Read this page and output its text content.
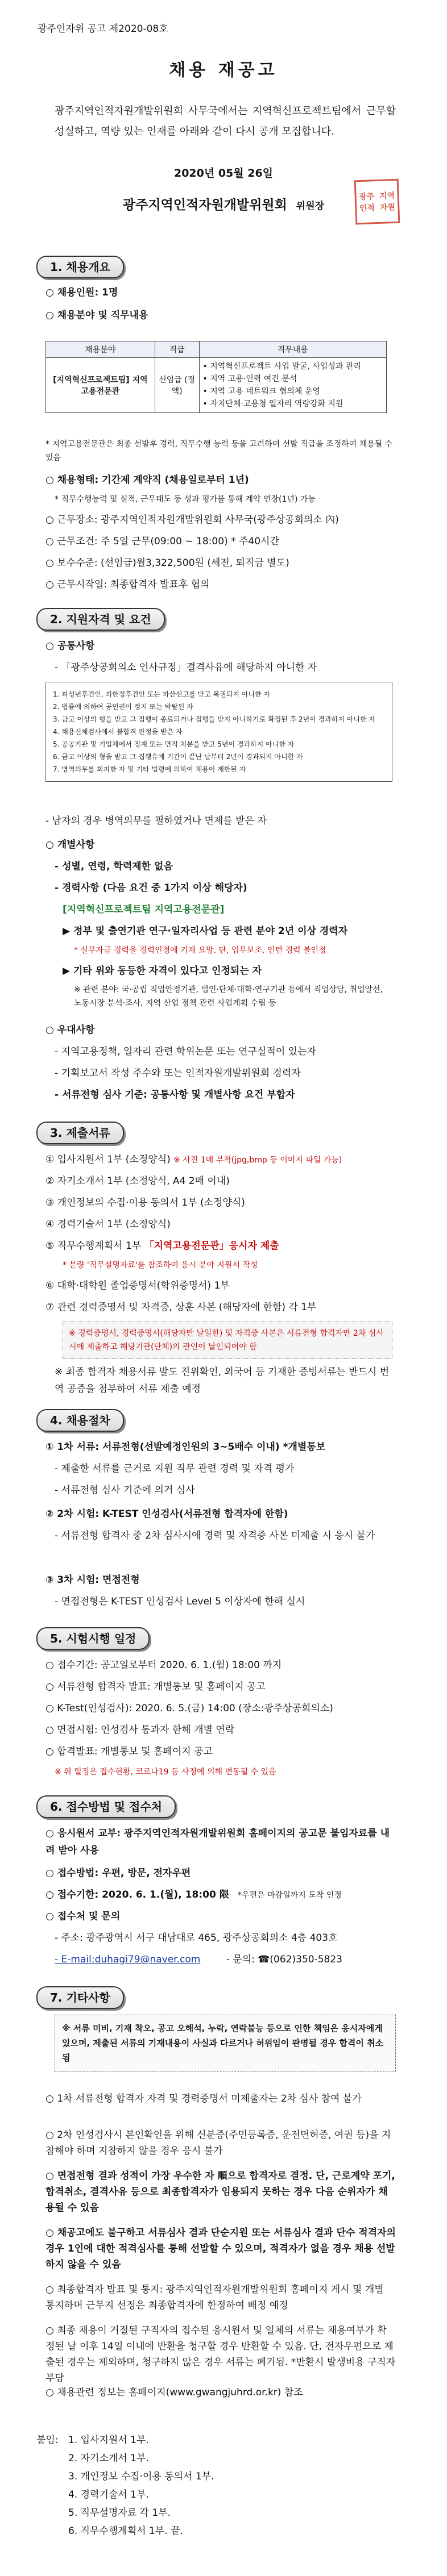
광주인자위 공고 제2020-08호
채용 재공고
광주지역인적자원개발위원회 사무국에서는 지역혁신프로젝트팀에서 근무할 성실하고, 역량 있는 인재를 아래와 같이 다시 공개 모집합니다.
2020년 05월 26일
광주지역인적자원개발위원회 위원장
광주 지역
인적 자원
1. 채용개요
○ 채용인원: 1명
○ 채용분야 및 직무내용
채용분야	직급	직무내용
[지역혁신프로젝트팀] 지역고용전문관	선임급 (정액)	• 지역혁신프로젝트 사업 발굴, 사업성과 관리
• 지역 고용·인력 여건 분석
• 지역 고용 네트워크 협의체 운영
• 자치단체·고용청 일자리 역량강화 지원
* 지역고용전문관은 최종 선발후 경력, 직무수행 능력 등을 고려하여 선발 직급을 조정하여 채용될 수 있음
○ 채용형태: 기간제 계약직 (채용일로부터 1년)
* 직무수행능력 및 실적, 근무태도 등 성과 평가를 통해 계약 연장(1년) 가능
○ 근무장소: 광주지역인적자원개발위원회 사무국(광주상공회의소 內)
○ 근무조건: 주 5일 근무(09:00 ~ 18:00) * 주40시간
○ 보수수준: (선임급)월3,322,500원 (세전, 퇴직금 별도)
○ 근무시작일: 최종합격자 발표후 협의
2. 지원자격 및 요건
○ 공통사항
- 「광주상공회의소 인사규정」결격사유에 해당하지 아니한 자
1. 피성년후견인, 피한정후견인 또는 파산선고를 받고 복권되지 아니한 자
2. 법률에 의하여 공민권이 정지 또는 박탈된 자
3. 금고 이상의 형을 받고 그 집행이 종료되거나 집행을 받지 아니하기로 확정된 후 2년이 경과하지 아니한 자
4. 채용신체검사에서 불합격 판정을 받은 자
5. 공공기관 및 기업체에서 징계 또는 면직 처분을 받고 5년이 경과하지 아니한 자
6. 금고 이상의 형을 받고 그 집행유예 기간이 끝난 날부터 2년이 경과되지 아니한 자
7. 병역의무를 회피한 자 및 기타 법령에 의하여 채용이 제한된 자
- 남자의 경우 병역의무를 필하였거나 면제를 받은 자
○ 개별사항
- 성별, 연령, 학력제한 없음
- 경력사항 (다음 요건 중 1가지 이상 해당자)
[지역혁신프로젝트팀 지역고용전문관]
▶ 정부 및 출연기관 연구·일자리사업 등 관련 분야 2년 이상 경력자
* 실무자급 경력을 경력인정에 기재 요망. 단, 업무보조, 인턴 경력 불인정
▶ 기타 위와 동등한 자격이 있다고 인정되는 자
※ 관련 분야: 국·공립 직업안정기관, 법인·단체·대학·연구기관 등에서 직업상담, 취업알선, 노동시장 분석·조사, 지역 산업 정책 관련 사업계획 수립 등
○ 우대사항
- 지역고용정책, 일자리 관련 학위논문 또는 연구실적이 있는자
- 기획보고서 작성 주수와 또는 인적자원개발위원회 경력자
- 서류전형 심사 기준: 공통사항 및 개별사항 요건 부합자
3. 제출서류
① 입사지원서 1부 (소정양식) ※ 사진 1매 부착(jpg,bmp 등 이미지 파일 가능)
② 자기소개서 1부 (소정양식, A4 2매 이내)
③ 개인정보의 수집·이용 동의서 1부 (소정양식)
④ 경력기술서 1부 (소정양식)
⑤ 직무수행계획서 1부 「지역고용전문관」응시자 제출
* 분량 '직무설명자료'를 참조하여 응시 분야 지원서 작성
⑥ 대학·대학원 졸업증명서(학위증명서) 1부
⑦ 관련 경력증명서 및 자격증, 상훈 사본 (해당자에 한함) 각 1부
※ 경력증명서, 경력증명서(해당자만 날일한) 및 자격증 사본은 서류전형 합격자만 2차 심사시에 제출하고 해당기관(단체)의 관인이 날인되어야 함
※ 최종 합격자 채용서류 발도 진위확인, 외국어 등 기재한 증빙서류는 반드시 번역 공증을 첨부하여 서류 제출 예정
4. 채용절차
① 1차 서류: 서류전형(선발예정인원의 3~5배수 이내) *개별통보
- 제출한 서류를 근거로 지원 직무 관련 경력 및 자격 평가
- 서류전형 심사 기준에 의거 심사
② 2차 시험: K-TEST 인성검사(서류전형 합격자에 한함)
- 서류전형 합격자 중 2차 심사시에 경력 및 자격증 사본 미제출 시 응시 불가
③ 3차 시험: 면접전형
- 면접전형은 K-TEST 인성검사 Level 5 이상자에 한해 실시
5. 시험시행 일정
○ 접수기간: 공고일로부터 2020. 6. 1.(월) 18:00 까지
○ 서류전형 합격자 발표: 개별통보 및 홈페이지 공고
○ K-Test(인성검사): 2020. 6. 5.(금) 14:00 (장소:광주상공회의소)
○ 면접시험: 인성검사 통과자 한해 개별 연락
○ 합격발표: 개별통보 및 홈페이지 공고
※ 위 일정은 접수현황, 코로나19 등 사정에 의해 변동될 수 있음
6. 접수방법 및 접수처
○ 응시원서 교부: 광주지역인적자원개발위원회 홈페이지의 공고문 붙임자료를 내려 받아 사용
○ 접수방법: 우편, 방문, 전자우편
○ 접수기한: 2020. 6. 1.(월), 18:00 限 *우편은 마감일까지 도착 인정
○ 접수처 및 문의
- 주소: 광주광역시 서구 대남대로 465, 광주상공회의소 4층 403호
- E-mail:duhagi79@naver.com	- 문의: ☎(062)350-5823
7. 기타사항
※ 서류 미비, 기재 착오, 공고 오해석, 누락, 연락불능 등으로 인한 책임은 응시자에게 있으며, 제출된 서류의 기재내용이 사실과 다르거나 허위임이 판명될 경우 합격이 취소됨
○ 1차 서류전형 합격자 자격 및 경력증명서 미제출자는 2차 심사 참여 불가
○ 2차 인성검사시 본인확인을 위해 신분증(주민등록증, 운전면허증, 여권 등)을 지참해야 하며 지참하지 않을 경우 응시 불가
○ 면접전형 결과 성적이 가장 우수한 자 順으로 합격자로 결정. 단, 근로계약 포기, 합격취소, 결격사유 등으로 최종합격자가 임용되지 못하는 경우 다음 순위자가 채용될 수 있음
○ 채공고에도 불구하고 서류심사 결과 단순지원 또는 서류심사 결과 단수 적격자의 경우 1인에 대한 적격심사를 통해 선발할 수 있으며, 적격자가 없을 경우 채용 선발 하지 않을 수 있음
○ 최종합격자 발표 및 통지: 광주지역인적자원개발위원회 홈페이지 게시 및 개별 통지하며 근무지 선정은 최종합격자에 한정하여 배정 예정
○ 최종 채용이 거절된 구직자의 접수된 응시원서 및 일체의 서류는 채용여부가 확정된 날 이후 14일 이내에 반환을 청구할 경우 반환할 수 있음. 단, 전자우편으로 제출된 경우는 제외하며, 청구하지 않은 경우 서류는 폐기됨. *반환시 발생비용 구직자 부담
○ 채용관련 정보는 홈페이지(www.gwangjuhrd.or.kr) 참조
붙임: 1. 입사지원서 1부.
2. 자기소개서 1부.
3. 개인정보 수집·이용 동의서 1부.
4. 경력기술서 1부.
5. 직무설명자료 각 1부.
6. 직무수행계획서 1부. 끝.
